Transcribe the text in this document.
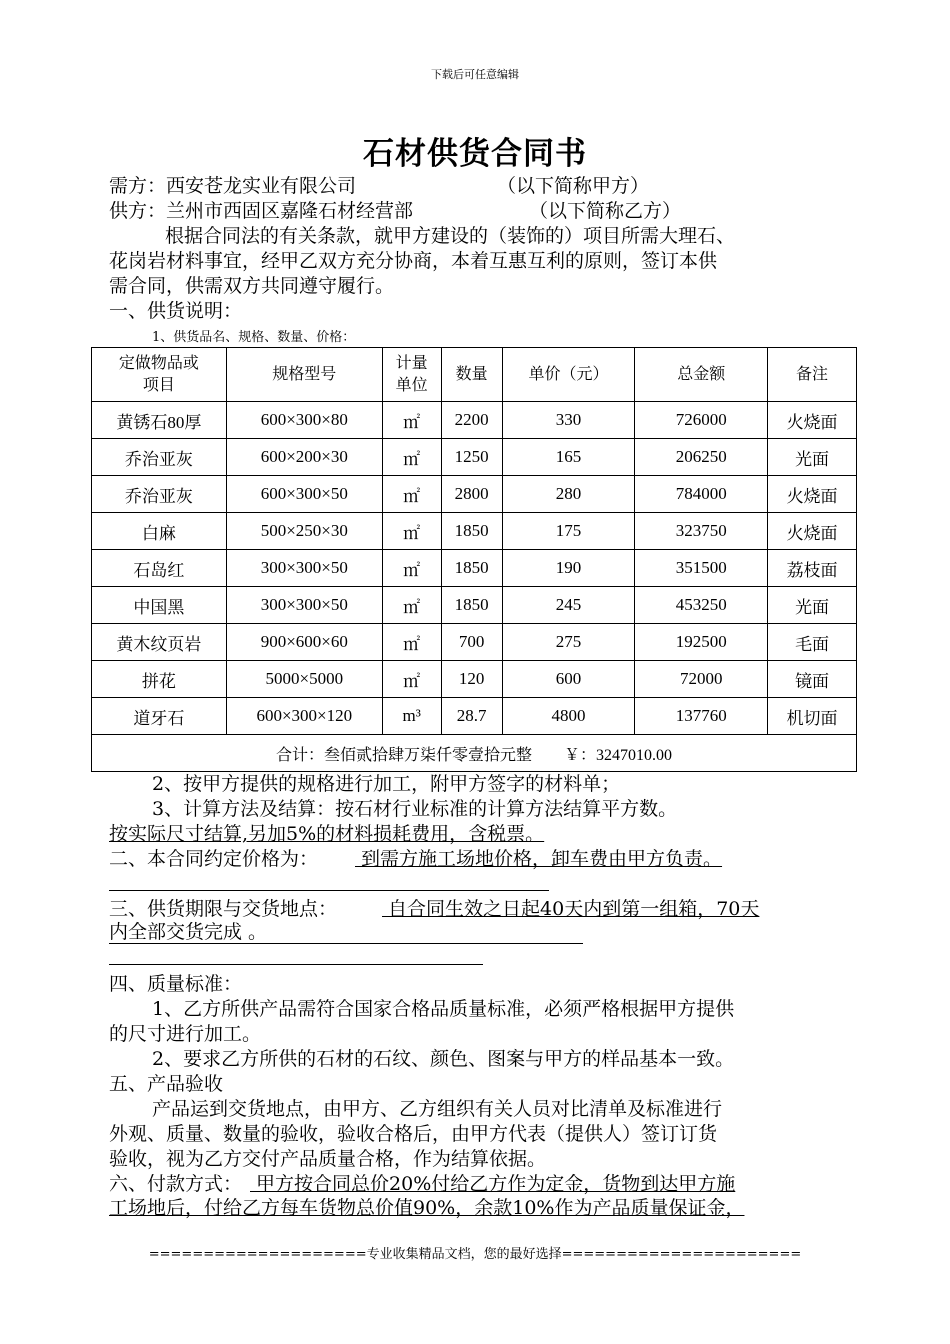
下载后可任意编辑
石材供货合同书
需方：西安苍龙实业有限公司	（以下简称甲方）
供方：兰州市西固区嘉隆石材经营部	（以下简称乙方）
根据合同法的有关条款，就甲方建设的（装饰的）项目所需大理石、
花岗岩材料事宜，经甲乙双方充分协商，本着互惠互利的原则，签订本供
需合同，供需双方共同遵守履行。
一、供货说明：
1、供货品名、规格、数量、价格：
定做物品或项目	规格型号	计量单位	数量	单价（元）	总金额	备注
黄锈石80厚	600×300×80	㎡	2200	330	726000	火烧面
乔治亚灰	600×200×30	㎡	1250	165	206250	光面
乔治亚灰	600×300×50	㎡	2800	280	784000	火烧面
白麻	500×250×30	㎡	1850	175	323750	火烧面
石岛红	300×300×50	㎡	1850	190	351500	荔枝面
中国黑	300×300×50	㎡	1850	245	453250	光面
黄木纹页岩	900×600×60	㎡	700	275	192500	毛面
拼花	5000×5000	㎡	120	600	72000	镜面
道牙石	600×300×120	m³	28.7	4800	137760	机切面
合计：叁佰贰拾肆万柒仟零壹拾元整        ￥：3247010.00						
2、按甲方提供的规格进行加工，附甲方签字的材料单；
3、计算方法及结算：按石材行业标准的计算方法结算平方数。
按实际尺寸结算,另加5%的材料损耗费用，含税票。
二、本合同约定价格为： 到需方施工场地价格，卸车费由甲方负责。
三、供货期限与交货地点： 自合同生效之日起40天内到第一组箱，70天
内全部交货完成 。
四、质量标准：
1、乙方所供产品需符合国家合格品质量标准，必须严格根据甲方提供
的尺寸进行加工。
2、要求乙方所供的石材的石纹、颜色、图案与甲方的样品基本一致。
五、产品验收
产品运到交货地点，由甲方、乙方组织有关人员对比清单及标准进行
外观、质量、数量的验收，验收合格后，由甲方代表（提供人）签订订货
验收，视为乙方交付产品质量合格，作为结算依据。
六、付款方式： 甲方按合同总价20%付给乙方作为定金，货物到达甲方施
工场地后，付给乙方每车货物总价值90%，余款10%作为产品质量保证金，
====================专业收集精品文档，您的最好选择======================
